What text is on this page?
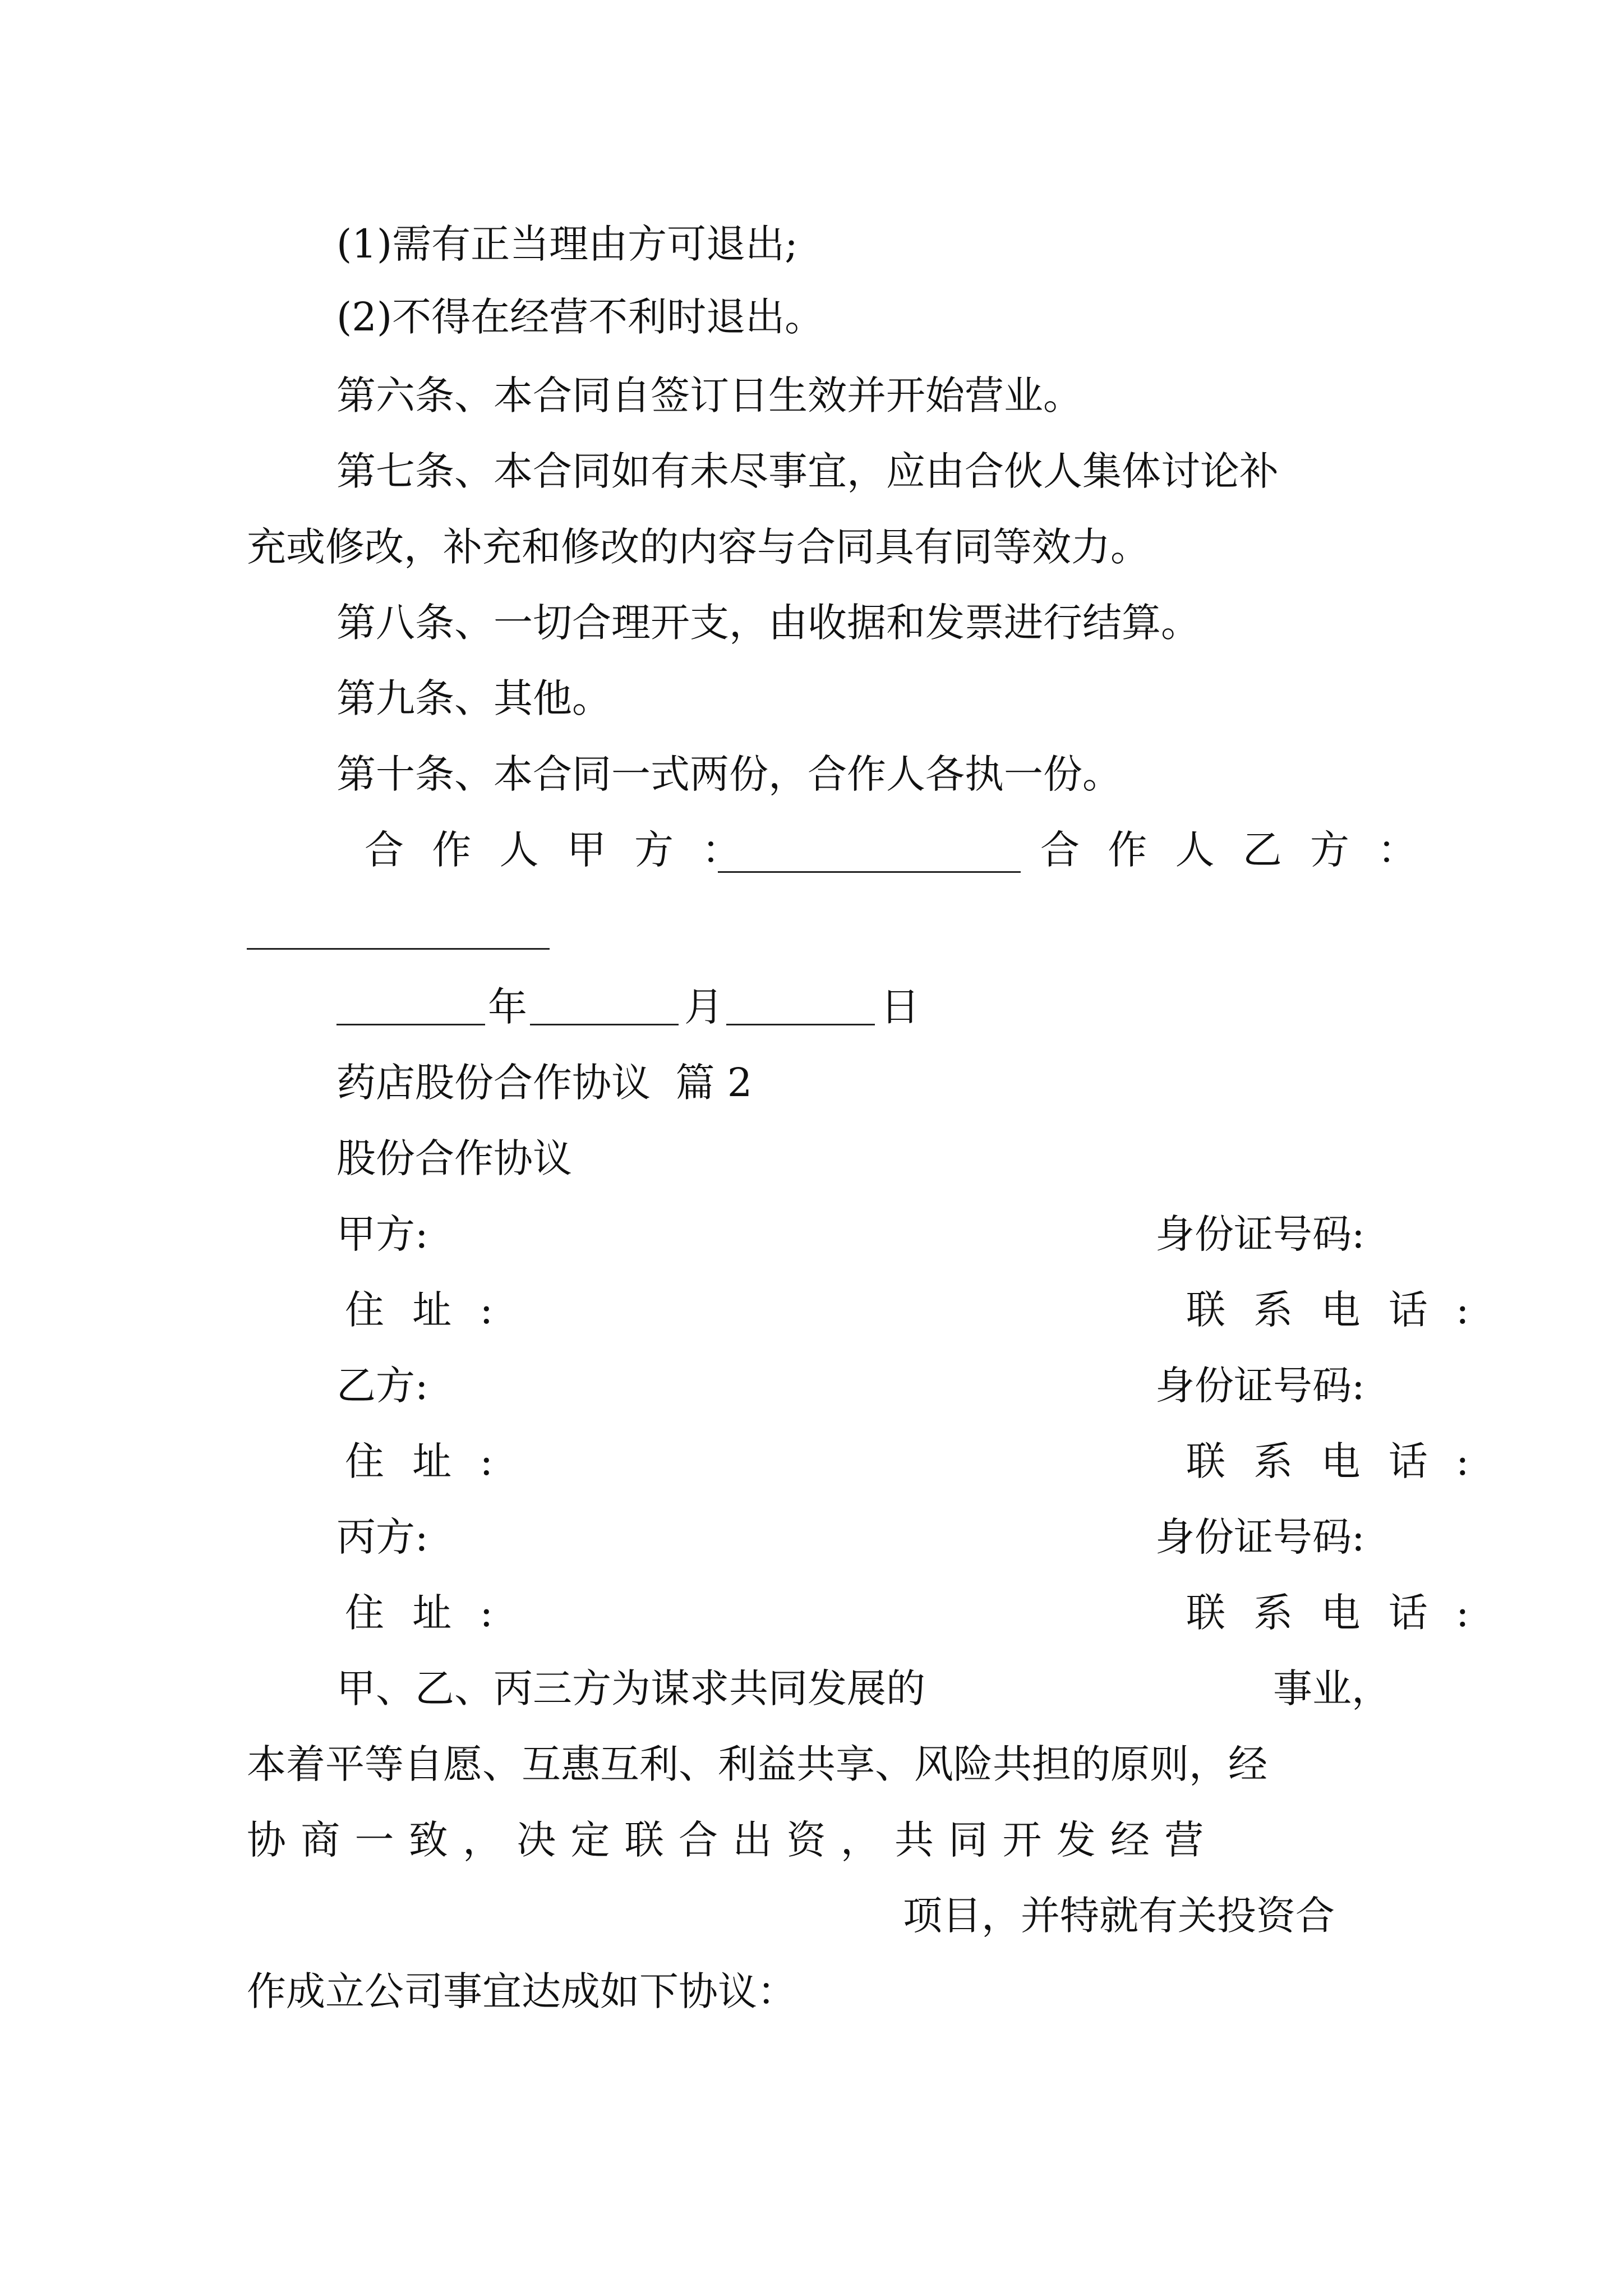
(1)需有正当理由方可退出;
(2)不得在经营不利时退出。
第六条、本合同自签订日生效并开始营业。
第七条、本合同如有未尽事宜，应由合伙人集体讨论补
充或修改，补充和修改的内容与合同具有同等效力。
第八条、一切合理开支，由收据和发票进行结算。
第九条、其他。
第十条、本合同一式两份，合作人各执一份。
合 作 人 甲 方 ：	合 作 人 乙 方 ：
年	月	日
药店股份合作协议  篇 2
股份合作协议
甲方:	身份证号码:
住 址 :	联 系 电 话 :
乙方:	身份证号码:
住 址 :	联 系 电 话 :
丙方:	身份证号码:
住 址 :	联 系 电 话 :
甲、乙、丙三方为谋求共同发展的	事业，
本着平等自愿、互惠互利、利益共享、风险共担的原则，经
协 商 一 致 ， 决 定 联 合 出 资 ， 共 同 开 发 经 营
项目，并特就有关投资合
作成立公司事宜达成如下协议：
